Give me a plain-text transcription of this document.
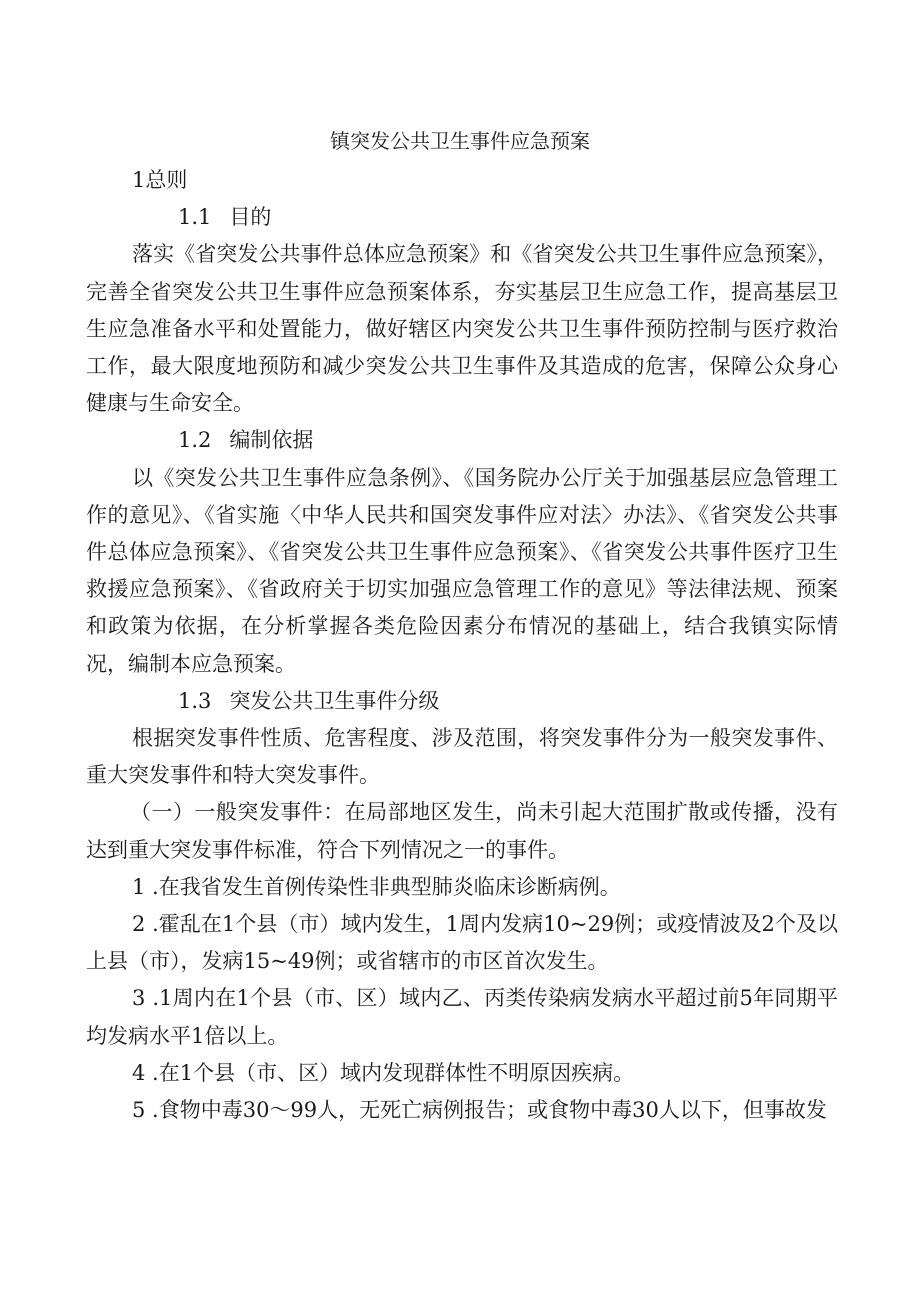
镇突发公共卫生事件应急预案

1总则

1.1 目的

落实《省突发公共事件总体应急预案》和《省突发公共卫生事件应急预案》，完善全省突发公共卫生事件应急预案体系，夯实基层卫生应急工作，提高基层卫生应急准备水平和处置能力，做好辖区内突发公共卫生事件预防控制与医疗救治工作，最大限度地预防和减少突发公共卫生事件及其造成的危害，保障公众身心健康与生命安全。

1.2 编制依据

以《突发公共卫生事件应急条例》、《国务院办公厅关于加强基层应急管理工作的意见》、《省实施〈中华人民共和国突发事件应对法〉办法》、《省突发公共事件总体应急预案》、《省突发公共卫生事件应急预案》、《省突发公共事件医疗卫生救援应急预案》、《省政府关于切实加强应急管理工作的意见》等法律法规、预案和政策为依据，在分析掌握各类危险因素分布情况的基础上，结合我镇实际情况，编制本应急预案。

1.3 突发公共卫生事件分级

根据突发事件性质、危害程度、涉及范围，将突发事件分为一般突发事件、重大突发事件和特大突发事件。

（一）一般突发事件：在局部地区发生，尚未引起大范围扩散或传播，没有达到重大突发事件标准，符合下列情况之一的事件。

1 .在我省发生首例传染性非典型肺炎临床诊断病例。

2 .霍乱在1个县（市）域内发生，1周内发病10~29例；或疫情波及2个及以上县（市），发病15~49例；或省辖市的市区首次发生。

3 .1周内在1个县（市、区）域内乙、丙类传染病发病水平超过前5年同期平均发病水平1倍以上。

4 .在1个县（市、区）域内发现群体性不明原因疾病。

5 .食物中毒30～99人，无死亡病例报告；或食物中毒30人以下，但事故发
